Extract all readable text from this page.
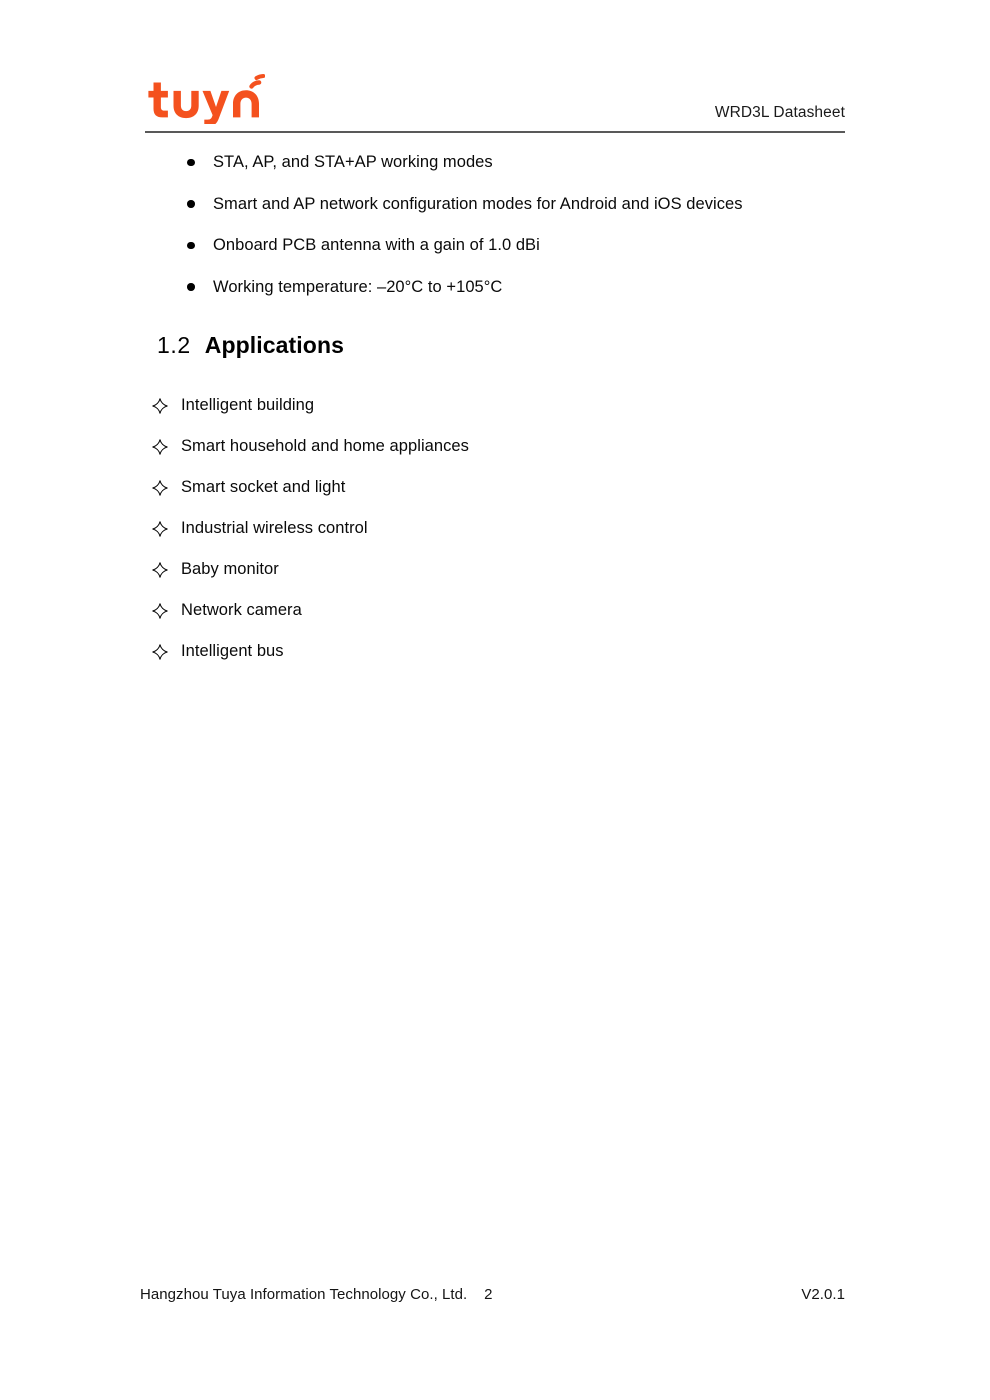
WRD3L Datasheet
STA, AP, and STA+AP working modes
Smart and AP network configuration modes for Android and iOS devices
Onboard PCB antenna with a gain of 1.0 dBi
Working temperature: –20°C to +105°C
1.2 Applications
Intelligent building
Smart household and home appliances
Smart socket and light
Industrial wireless control
Baby monitor
Network camera
Intelligent bus
Hangzhou Tuya Information Technology Co., Ltd.    2	V2.0.1
